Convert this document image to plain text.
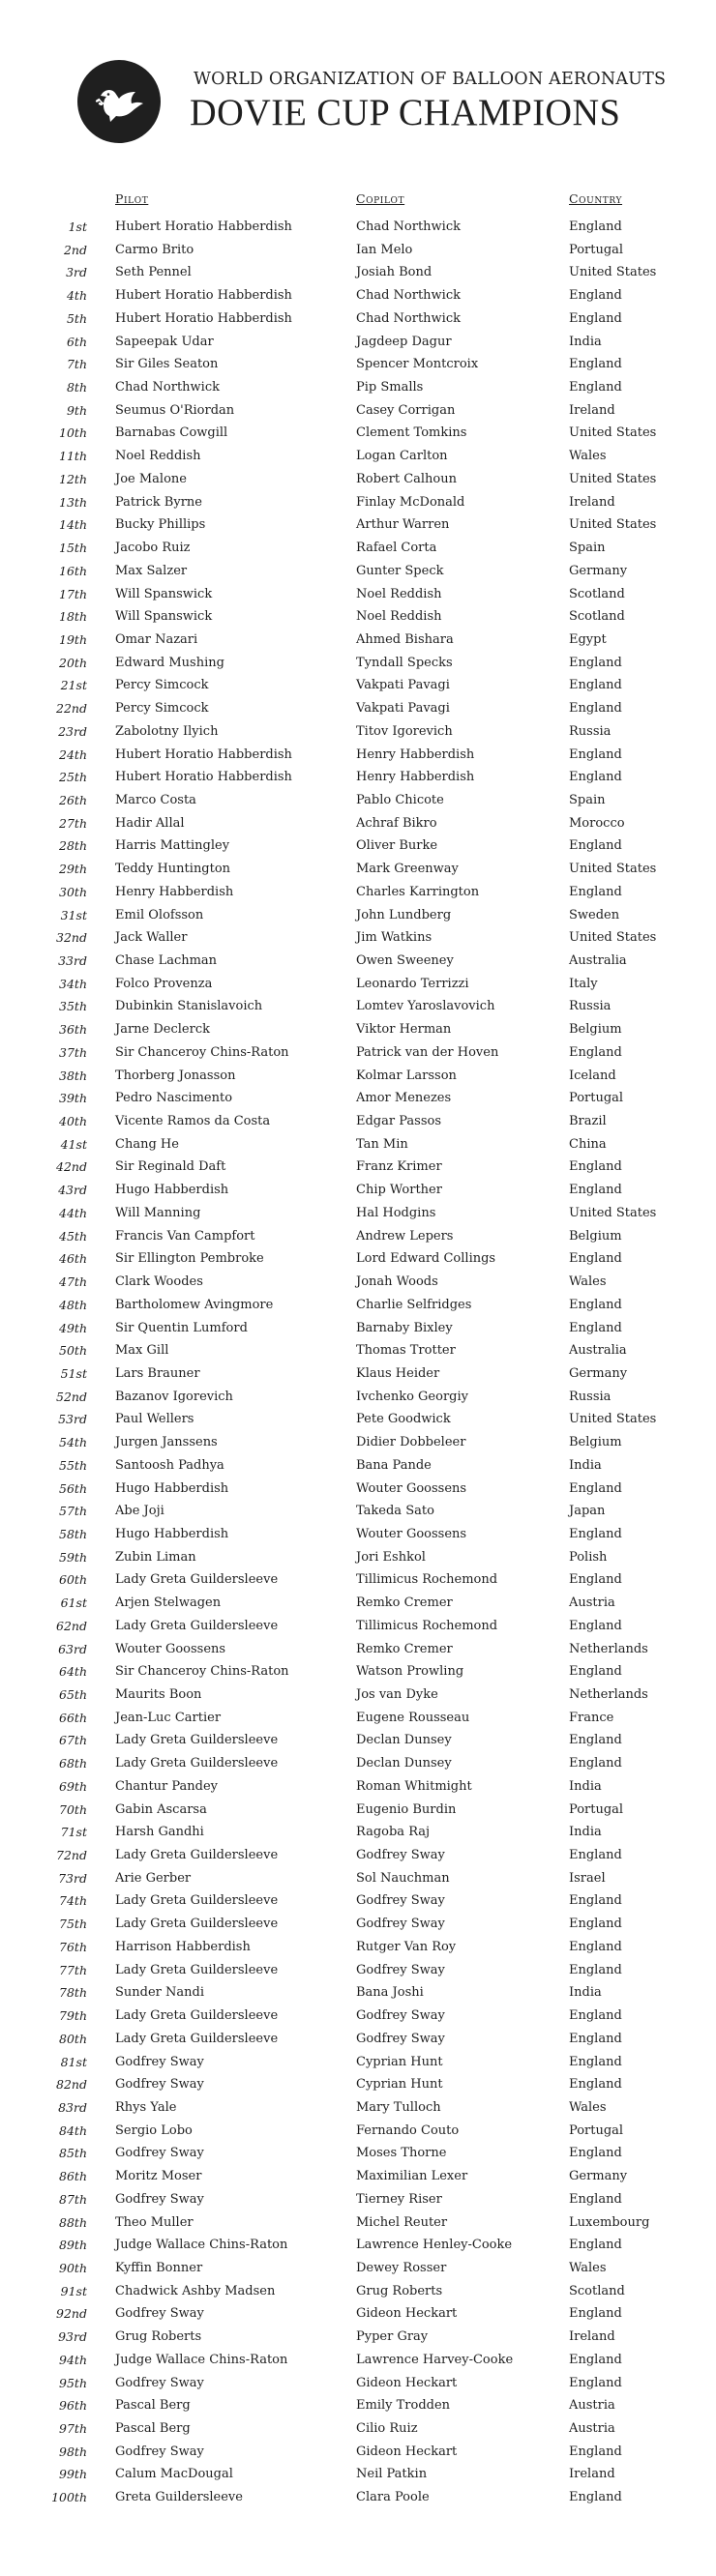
WORLD ORGANIZATION OF BALLOON AERONAUTS
DOVIE CUP CHAMPIONS
Pilot	Copilot	Country
1st Hubert Horatio Habberdish	Chad Northwick	England
2nd Carmo Brito	Ian Melo	Portugal
3rd Seth Pennel	Josiah Bond	United States
4th Hubert Horatio Habberdish	Chad Northwick	England
5th Hubert Horatio Habberdish	Chad Northwick	England
6th Sapeepak Udar	Jagdeep Dagur	India
7th Sir Giles Seaton	Spencer Montcroix	England
8th Chad Northwick	Pip Smalls	England
9th Seumus O'Riordan	Casey Corrigan	Ireland
10th Barnabas Cowgill	Clement Tomkins	United States
11th Noel Reddish	Logan Carlton	Wales
12th Joe Malone	Robert Calhoun	United States
13th Patrick Byrne	Finlay McDonald	Ireland
14th Bucky Phillips	Arthur Warren	United States
15th Jacobo Ruiz	Rafael Corta	Spain
16th Max Salzer	Gunter Speck	Germany
17th Will Spanswick	Noel Reddish	Scotland
18th Will Spanswick	Noel Reddish	Scotland
19th Omar Nazari	Ahmed Bishara	Egypt
20th Edward Mushing	Tyndall Specks	England
21st Percy Simcock	Vakpati Pavagi	England
22nd Percy Simcock	Vakpati Pavagi	England
23rd Zabolotny Ilyich	Titov Igorevich	Russia
24th Hubert Horatio Habberdish	Henry Habberdish	England
25th Hubert Horatio Habberdish	Henry Habberdish	England
26th Marco Costa	Pablo Chicote	Spain
27th Hadir Allal	Achraf Bikro	Morocco
28th Harris Mattingley	Oliver Burke	England
29th Teddy Huntington	Mark Greenway	United States
30th Henry Habberdish	Charles Karrington	England
31st Emil Olofsson	John Lundberg	Sweden
32nd Jack Waller	Jim Watkins	United States
33rd Chase Lachman	Owen Sweeney	Australia
34th Folco Provenza	Leonardo Terrizzi	Italy
35th Dubinkin Stanislavoich	Lomtev Yaroslavovich	Russia
36th Jarne Declerck	Viktor Herman	Belgium
37th Sir Chanceroy Chins-Raton	Patrick van der Hoven	England
38th Thorberg Jonasson	Kolmar Larsson	Iceland
39th Pedro Nascimento	Amor Menezes	Portugal
40th Vicente Ramos da Costa	Edgar Passos	Brazil
41st Chang He	Tan Min	China
42nd Sir Reginald Daft	Franz Krimer	England
43rd Hugo Habberdish	Chip Worther	England
44th Will Manning	Hal Hodgins	United States
45th Francis Van Campfort	Andrew Lepers	Belgium
46th Sir Ellington Pembroke	Lord Edward Collings	England
47th Clark Woodes	Jonah Woods	Wales
48th Bartholomew Avingmore	Charlie Selfridges	England
49th Sir Quentin Lumford	Barnaby Bixley	England
50th Max Gill	Thomas Trotter	Australia
51st Lars Brauner	Klaus Heider	Germany
52nd Bazanov Igorevich	Ivchenko Georgiy	Russia
53rd Paul Wellers	Pete Goodwick	United States
54th Jurgen Janssens	Didier Dobbeleer	Belgium
55th Santoosh Padhya	Bana Pande	India
56th Hugo Habberdish	Wouter Goossens	England
57th Abe Joji	Takeda Sato	Japan
58th Hugo Habberdish	Wouter Goossens	England
59th Zubin Liman	Jori Eshkol	Polish
60th Lady Greta Guildersleeve	Tillimicus Rochemond	England
61st Arjen Stelwagen	Remko Cremer	Austria
62nd Lady Greta Guildersleeve	Tillimicus Rochemond	England
63rd Wouter Goossens	Remko Cremer	Netherlands
64th Sir Chanceroy Chins-Raton	Watson Prowling	England
65th Maurits Boon	Jos van Dyke	Netherlands
66th Jean-Luc Cartier	Eugene Rousseau	France
67th Lady Greta Guildersleeve	Declan Dunsey	England
68th Lady Greta Guildersleeve	Declan Dunsey	England
69th Chantur Pandey	Roman Whitmight	India
70th Gabin Ascarsa	Eugenio Burdin	Portugal
71st Harsh Gandhi	Ragoba Raj	India
72nd Lady Greta Guildersleeve	Godfrey Sway	England
73rd Arie Gerber	Sol Nauchman	Israel
74th Lady Greta Guildersleeve	Godfrey Sway	England
75th Lady Greta Guildersleeve	Godfrey Sway	England
76th Harrison Habberdish	Rutger Van Roy	England
77th Lady Greta Guildersleeve	Godfrey Sway	England
78th Sunder Nandi	Bana Joshi	India
79th Lady Greta Guildersleeve	Godfrey Sway	England
80th Lady Greta Guildersleeve	Godfrey Sway	England
81st Godfrey Sway	Cyprian Hunt	England
82nd Godfrey Sway	Cyprian Hunt	England
83rd Rhys Yale	Mary Tulloch	Wales
84th Sergio Lobo	Fernando Couto	Portugal
85th Godfrey Sway	Moses Thorne	England
86th Moritz Moser	Maximilian Lexer	Germany
87th Godfrey Sway	Tierney Riser	England
88th Theo Muller	Michel Reuter	Luxembourg
89th Judge Wallace Chins-Raton	Lawrence Henley-Cooke	England
90th Kyffin Bonner	Dewey Rosser	Wales
91st Chadwick Ashby Madsen	Grug Roberts	Scotland
92nd Godfrey Sway	Gideon Heckart	England
93rd Grug Roberts	Pyper Gray	Ireland
94th Judge Wallace Chins-Raton	Lawrence Harvey-Cooke	England
95th Godfrey Sway	Gideon Heckart	England
96th Pascal Berg	Emily Trodden	Austria
97th Pascal Berg	Cilio Ruiz	Austria
98th Godfrey Sway	Gideon Heckart	England
99th Calum MacDougal	Neil Patkin	Ireland
100th Greta Guildersleeve	Clara Poole	England
